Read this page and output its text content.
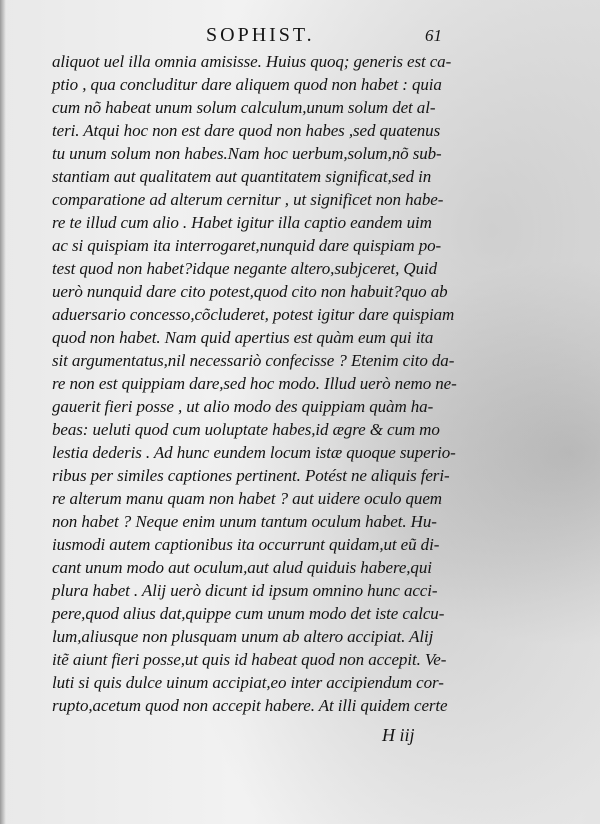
SOPHIST.	61
aliquot uel illa omnia amisisse. Huius quoq; generis est ca-
ptio , qua concluditur dare aliquem quod non habet : quia
cum nõ habeat unum solum calculum,unum solum det al-
teri. Atqui hoc non est dare quod non habes ,sed quatenus
tu unum solum non habes.Nam hoc uerbum,solum,nõ sub-
stantiam aut qualitatem aut quantitatem significat,sed in
comparatione ad alterum cernitur , ut significet non habe-
re te illud cum alio . Habet igitur illa captio eandem uim
ac si quispiam ita interrogaret,nunquid dare quispiam po-
test quod non habet?idque negante altero,subjceret, Quid
uerò nunquid dare cito potest,quod cito non habuit?quo ab
aduersario concesso,cõcluderet, potest igitur dare quispiam
quod non habet. Nam quid apertius est quàm eum qui ita
sit argumentatus,nil necessariò confecisse ? Etenim cito da-
re non est quippiam dare,sed hoc modo. Illud uerò nemo ne-
gauerit fieri posse , ut alio modo des quippiam quàm ha-
beas: ueluti quod cum uoluptate habes,id ægre & cum mo
lestia dederis . Ad hunc eundem locum istæ quoque superio-
ribus per similes captiones pertinent. Potést ne aliquis feri-
re alterum manu quam non habet ? aut uidere oculo quem
non habet ? Neque enim unum tantum oculum habet. Hu-
iusmodi autem captionibus ita occurrunt quidam,ut eũ di-
cant unum modo aut oculum,aut alud quiduis habere,qui
plura habet . Alij uerò dicunt id ipsum omnino hunc acci-
pere,quod alius dat,quippe cum unum modo det iste calcu-
lum,aliusque non plusquam unum ab altero accipiat. Alij
itẽ aiunt fieri posse,ut quis id habeat quod non accepit. Ve-
luti si quis dulce uinum accipiat,eo inter accipiendum cor-
rupto,acetum quod non accepit habere. At illi quidem certe
H iij
